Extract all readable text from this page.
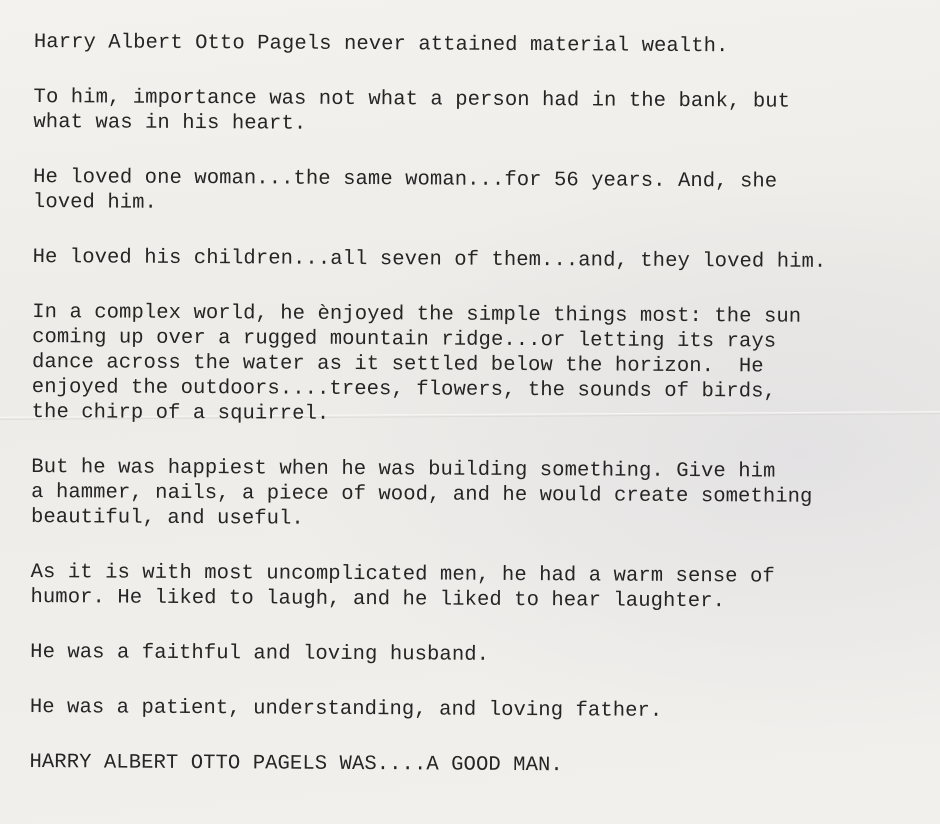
Harry Albert Otto Pagels never attained material wealth.

To him, importance was not what a person had in the bank, but
what was in his heart.

He loved one woman...the same woman...for 56 years. And, she
loved him.

He loved his children...all seven of them...and, they loved him.

In a complex world, he ènjoyed the simple things most: the sun
coming up over a rugged mountain ridge...or letting its rays
dance across the water as it settled below the horizon.  He
enjoyed the outdoors....trees, flowers, the sounds of birds,
the chirp of a squirrel.

But he was happiest when he was building something. Give him
a hammer, nails, a piece of wood, and he would create something
beautiful, and useful.

As it is with most uncomplicated men, he had a warm sense of
humor. He liked to laugh, and he liked to hear laughter.

He was a faithful and loving husband.

He was a patient, understanding, and loving father.

HARRY ALBERT OTTO PAGELS WAS....A GOOD MAN.
